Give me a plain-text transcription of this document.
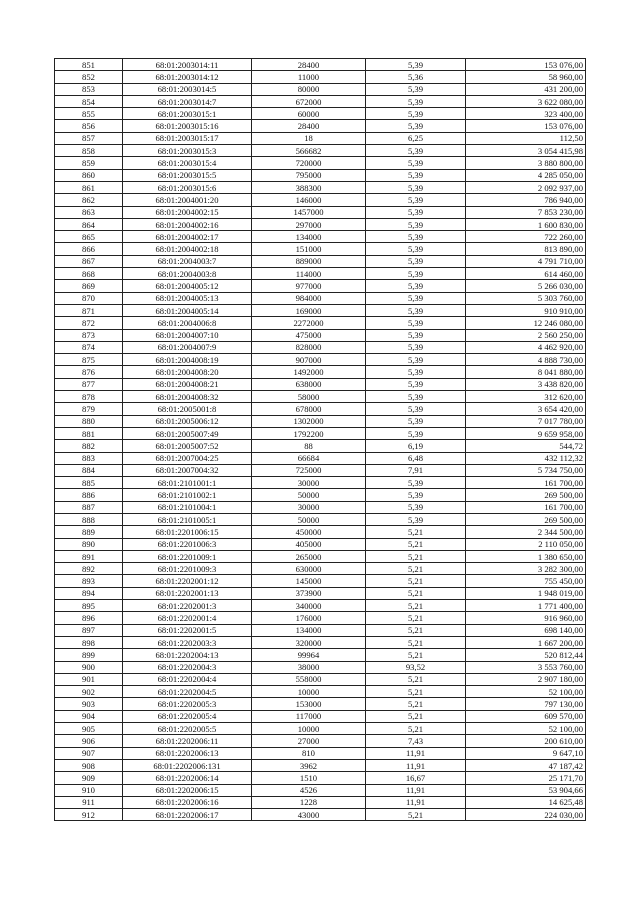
851	68:01:2003014:11	28400	5,39	153 076,00
852	68:01:2003014:12	11000	5,36	58 960,00
853	68:01:2003014:5	80000	5,39	431 200,00
854	68:01:2003014:7	672000	5,39	3 622 080,00
855	68:01:2003015:1	60000	5,39	323 400,00
856	68:01:2003015:16	28400	5,39	153 076,00
857	68:01:2003015:17	18	6,25	112,50
858	68:01:2003015:3	566682	5,39	3 054 415,98
859	68:01:2003015:4	720000	5,39	3 880 800,00
860	68:01:2003015:5	795000	5,39	4 285 050,00
861	68:01:2003015:6	388300	5,39	2 092 937,00
862	68:01:2004001:20	146000	5,39	786 940,00
863	68:01:2004002:15	1457000	5,39	7 853 230,00
864	68:01:2004002:16	297000	5,39	1 600 830,00
865	68:01:2004002:17	134000	5,39	722 260,00
866	68:01:2004002:18	151000	5,39	813 890,00
867	68:01:2004003:7	889000	5,39	4 791 710,00
868	68:01:2004003:8	114000	5,39	614 460,00
869	68:01:2004005:12	977000	5,39	5 266 030,00
870	68:01:2004005:13	984000	5,39	5 303 760,00
871	68:01:2004005:14	169000	5,39	910 910,00
872	68:01:2004006:8	2272000	5,39	12 246 080,00
873	68:01:2004007:10	475000	5,39	2 560 250,00
874	68:01:2004007:9	828000	5,39	4 462 920,00
875	68:01:2004008:19	907000	5,39	4 888 730,00
876	68:01:2004008:20	1492000	5,39	8 041 880,00
877	68:01:2004008:21	638000	5,39	3 438 820,00
878	68:01:2004008:32	58000	5,39	312 620,00
879	68:01:2005001:8	678000	5,39	3 654 420,00
880	68:01:2005006:12	1302000	5,39	7 017 780,00
881	68:01:2005007:49	1792200	5,39	9 659 958,00
882	68:01:2005007:52	88	6,19	544,72
883	68:01:2007004:25	66684	6,48	432 112,32
884	68:01:2007004:32	725000	7,91	5 734 750,00
885	68:01:2101001:1	30000	5,39	161 700,00
886	68:01:2101002:1	50000	5,39	269 500,00
887	68:01:2101004:1	30000	5,39	161 700,00
888	68:01:2101005:1	50000	5,39	269 500,00
889	68:01:2201006:15	450000	5,21	2 344 500,00
890	68:01:2201006:3	405000	5,21	2 110 050,00
891	68:01:2201009:1	265000	5,21	1 380 650,00
892	68:01:2201009:3	630000	5,21	3 282 300,00
893	68:01:2202001:12	145000	5,21	755 450,00
894	68:01:2202001:13	373900	5,21	1 948 019,00
895	68:01:2202001:3	340000	5,21	1 771 400,00
896	68:01:2202001:4	176000	5,21	916 960,00
897	68:01:2202001:5	134000	5,21	698 140,00
898	68:01:2202003:3	320000	5,21	1 667 200,00
899	68:01:2202004:13	99964	5,21	520 812,44
900	68:01:2202004:3	38000	93,52	3 553 760,00
901	68:01:2202004:4	558000	5,21	2 907 180,00
902	68:01:2202004:5	10000	5,21	52 100,00
903	68:01:2202005:3	153000	5,21	797 130,00
904	68:01:2202005:4	117000	5,21	609 570,00
905	68:01:2202005:5	10000	5,21	52 100,00
906	68:01:2202006:11	27000	7,43	200 610,00
907	68:01:2202006:13	810	11,91	9 647,10
908	68:01:2202006:131	3962	11,91	47 187,42
909	68:01:2202006:14	1510	16,67	25 171,70
910	68:01:2202006:15	4526	11,91	53 904,66
911	68:01:2202006:16	1228	11,91	14 625,48
912	68:01:2202006:17	43000	5,21	224 030,00
